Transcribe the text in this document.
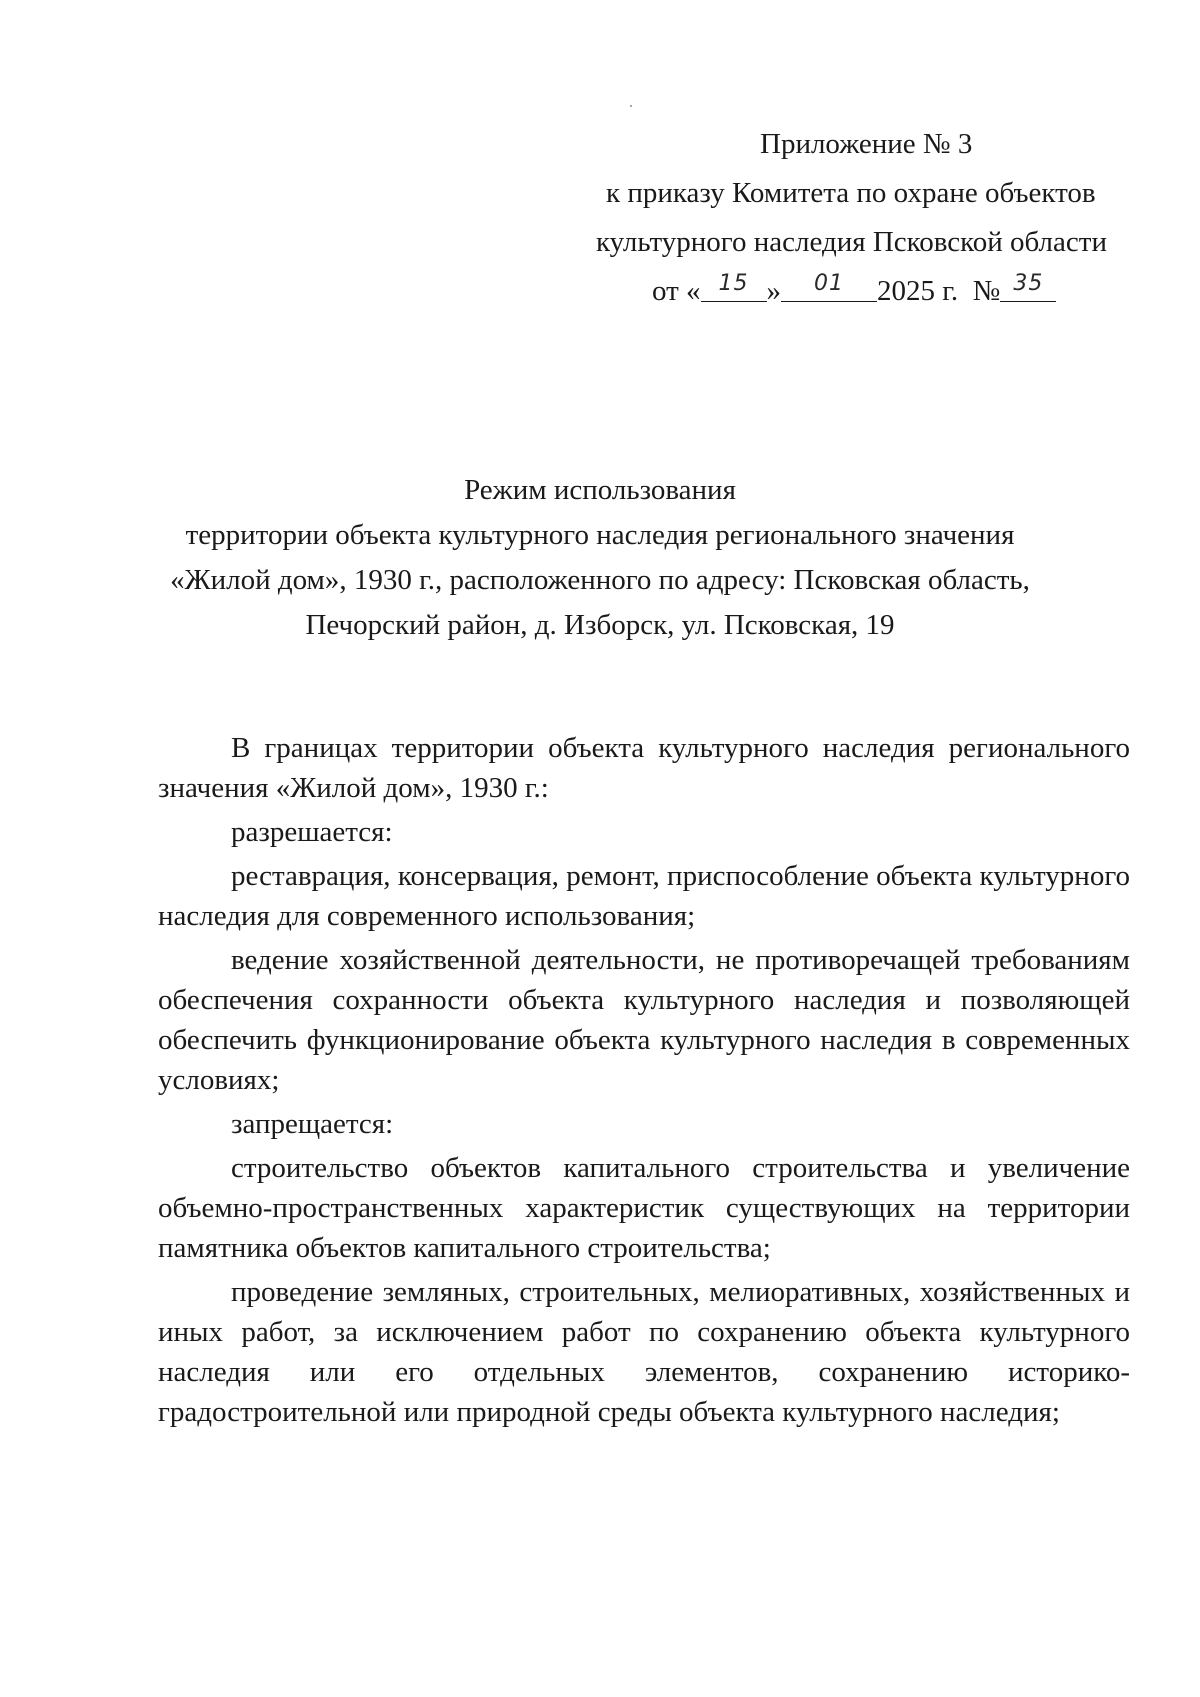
Приложение № 3
к приказу Комитета по охране объектов
культурного наследия Псковской области
от « $^{15}$ » $^{01}$ 2025 г. № $^{35}$
Режим использования
территории объекта культурного наследия регионального значения
«Жилой дом», 1930 г., расположенного по адресу: Псковская область,
Печорский район, д. Изборск, ул. Псковская, 19

В границах территории объекта культурного наследия регионального значения «Жилой дом», 1930 г.:

разрешается:

реставрация, консервация, ремонт, приспособление объекта культурного наследия для современного использования;

ведение хозяйственной деятельности, не противоречащей требованиям обеспечения сохранности объекта культурного наследия и позволяющей обеспечить функционирование объекта культурного наследия в современных условиях;

запрещается:

строительство объектов капитального строительства и увеличение объемно-пространственных характеристик существующих на территории памятника объектов капитального строительства;

проведение земляных, строительных, мелиоративных, хозяйственных и иных работ, за исключением работ по сохранению объекта культурного наследия или его отдельных элементов, сохранению историко-градостроительной или природной среды объекта культурного наследия;
